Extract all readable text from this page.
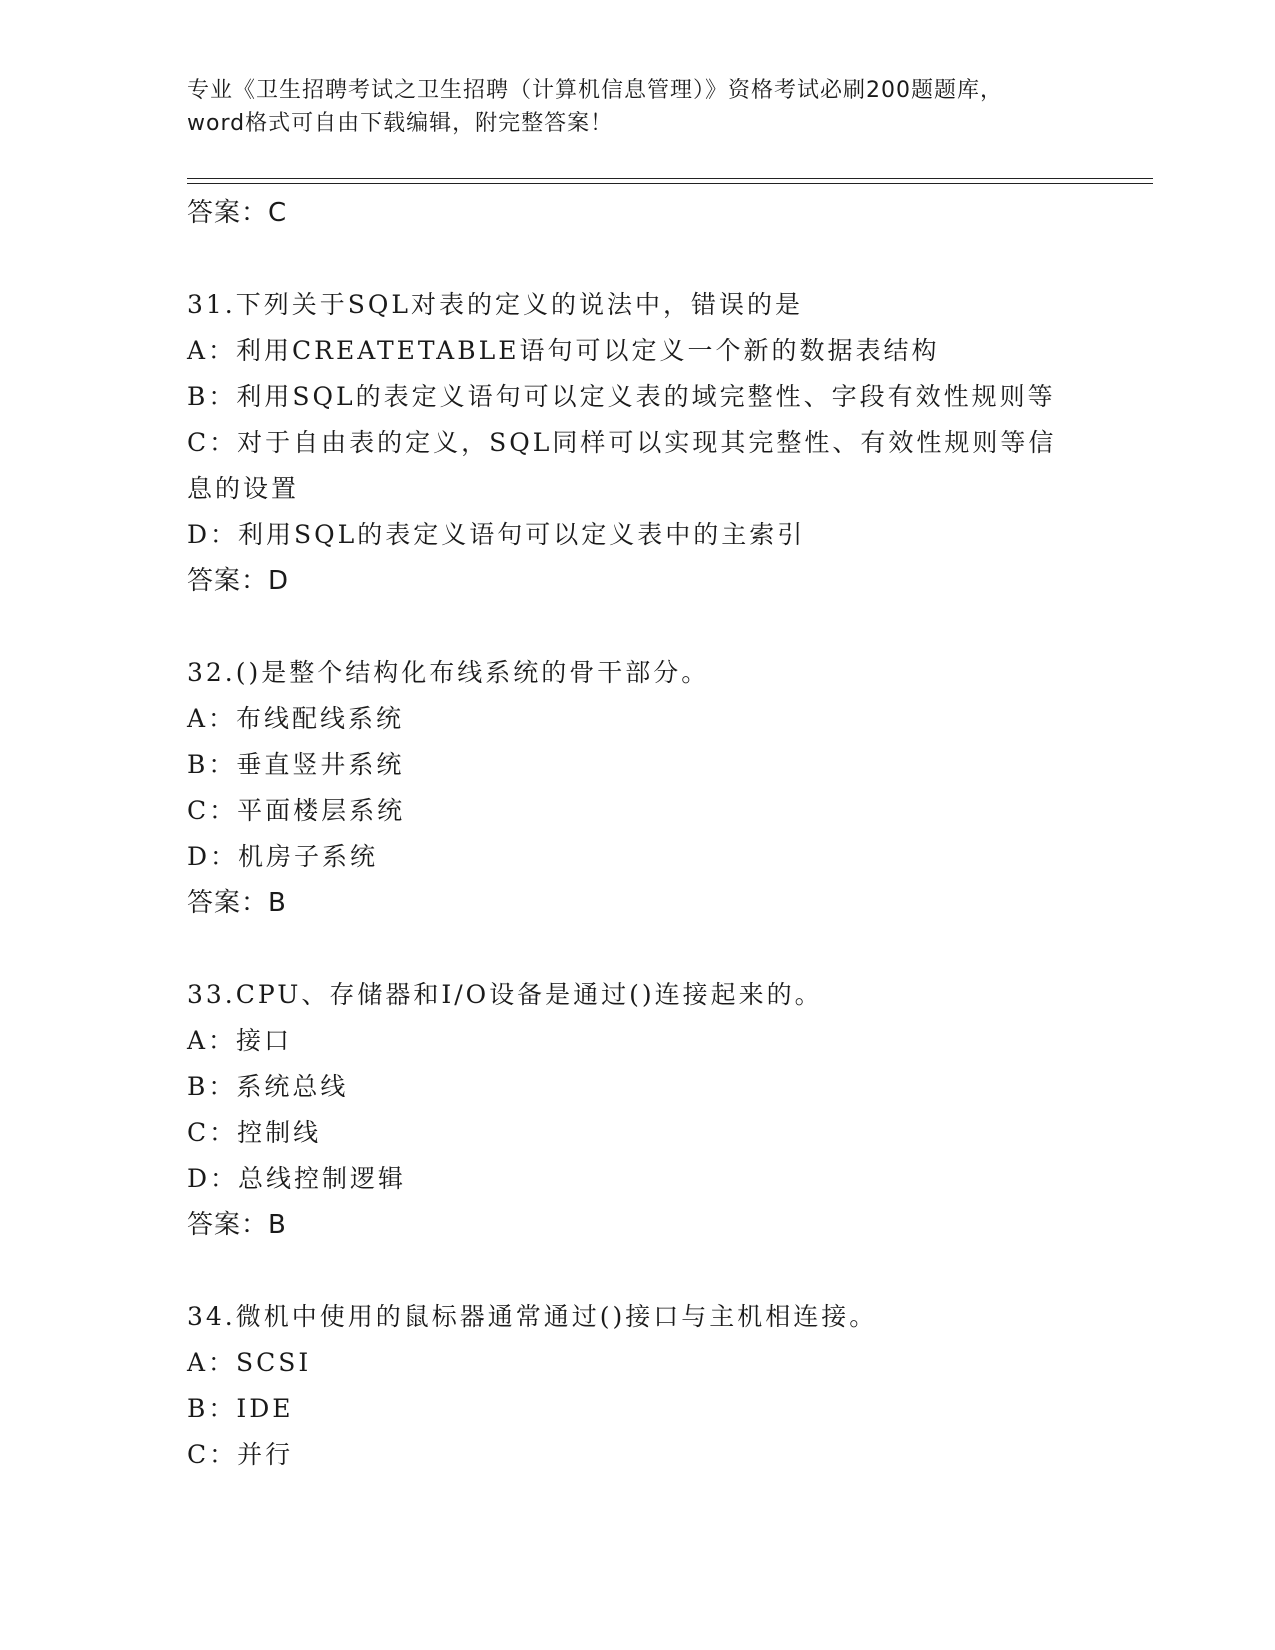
专业《卫生招聘考试之卫生招聘（计算机信息管理）》资格考试必刷200题题库，
word格式可自由下载编辑，附完整答案！
答案：C
31.下列关于SQL对表的定义的说法中，错误的是
A：利用CREATETABLE语句可以定义一个新的数据表结构
B：利用SQL的表定义语句可以定义表的域完整性、字段有效性规则等
C：对于自由表的定义，SQL同样可以实现其完整性、有效性规则等信
息的设置
D：利用SQL的表定义语句可以定义表中的主索引
答案：D
32.()是整个结构化布线系统的骨干部分。
A：布线配线系统
B：垂直竖井系统
C：平面楼层系统
D：机房子系统
答案：B
33.CPU、存储器和I/O设备是通过()连接起来的。
A：接口
B：系统总线
C：控制线
D：总线控制逻辑
答案：B
34.微机中使用的鼠标器通常通过()接口与主机相连接。
A：SCSI
B：IDE
C：并行
